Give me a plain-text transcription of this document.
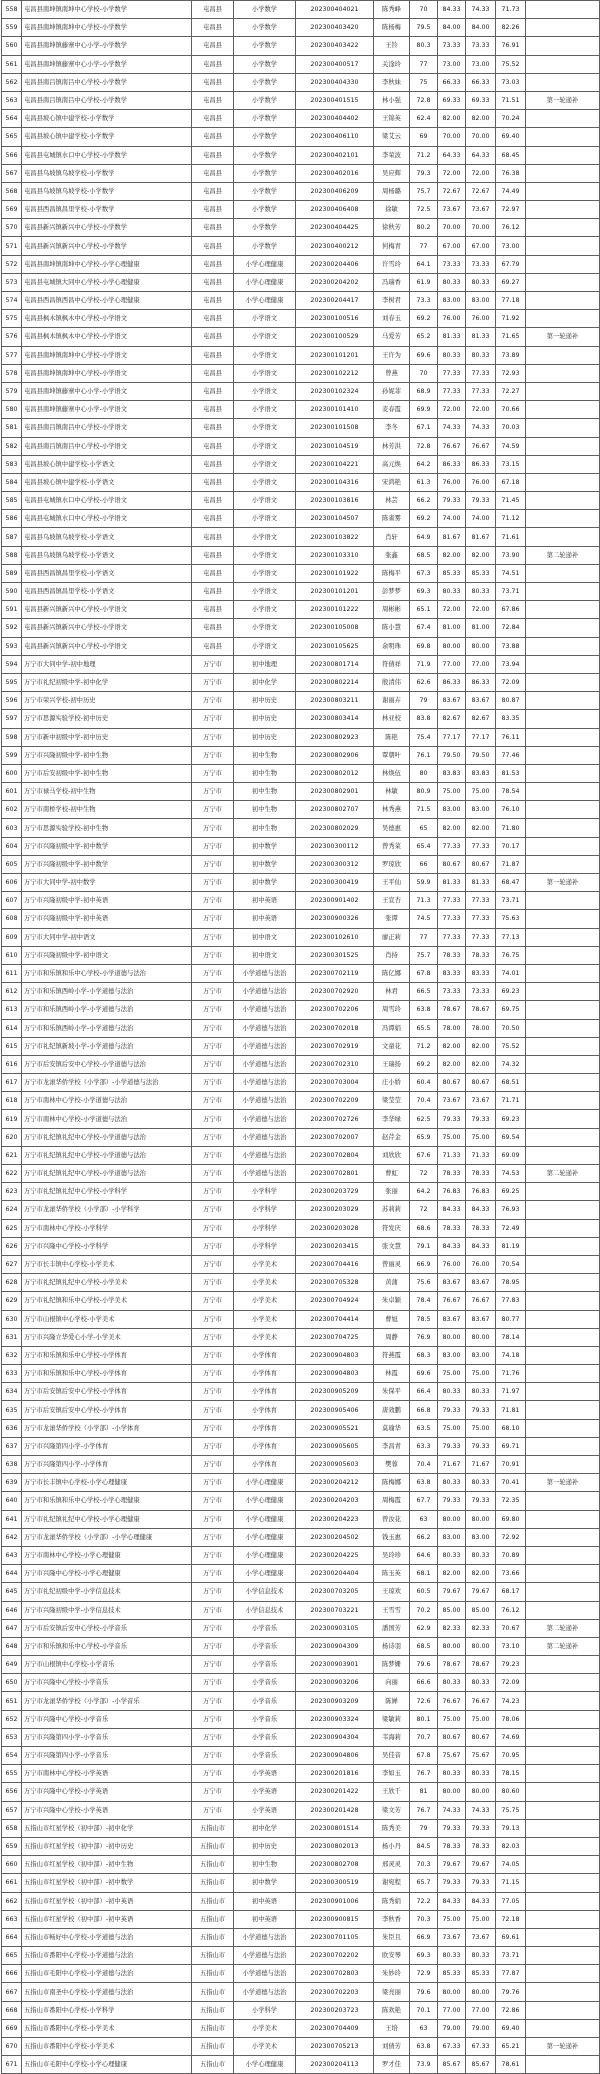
558	屯昌县南坤镇南坤中心学校-小学数学	屯昌县	小学数学	202300404021	陈秀峰	70	84.33	74.33	71.73	
559	屯昌县南坤镇南坤中心学校-小学数学	屯昌县	小学数学	202300403420	陈杨梅	79.5	84.00	84.00	82.26	
560	屯昌县南坤镇藤寨中心小学-小学数学	屯昌县	小学数学	202300403422	王铃	80.3	73.33	73.33	76.91	
561	屯昌县南坤镇藤寨中心小学-小学数学	屯昌县	小学数学	202300400517	关淦玲	77	73.00	73.00	75.52	
562	屯昌县南吕镇南吕中心学校-小学数学	屯昌县	小学数学	202300404330	李秋妹	75	66.33	66.33	73.03	
563	屯昌县南吕镇南吕中心学校-小学数学	屯昌县	小学数学	202300401515	林小强	72.8	69.33	69.33	71.51	第一轮递补
564	屯昌县坡心镇中建学校-小学数学	屯昌县	小学数学	202300404402	王锦英	62.4	82.00	82.00	70.24	
565	屯昌县坡心镇中建学校-小学数学	屯昌县	小学数学	202300406110	梁艾云	69	70.00	70.00	69.40	
566	屯昌县屯城镇水口中心学校-小学数学	屯昌县	小学数学	202300402101	李荣波	71.2	64.33	64.33	68.45	
567	屯昌县乌坡镇乌坡学校-小学数学	屯昌县	小学数学	202300402016	吴应辉	79.3	72.00	72.00	76.38	
568	屯昌县乌坡镇乌坡学校-小学数学	屯昌县	小学数学	202300406209	周杨璐	75.7	72.67	72.67	74.49	
569	屯昌县西昌镇昌里学校-小学数学	屯昌县	小学数学	202300406408	徐敏	72.5	73.67	73.67	72.97	
570	屯昌县新兴镇新兴中心学校-小学数学	屯昌县	小学数学	202300404425	徐秋芳	80.2	70.00	70.00	76.12	
571	屯昌县新兴镇新兴中心学校-小学数学	屯昌县	小学数学	202300400212	何梅青	77	67.00	67.00	73.00	
572	屯昌县南坤镇南坤中心学校-小学心理健康	屯昌县	小学心理健康	202300204406	许雪玲	64.1	73.33	73.33	67.79	
573	屯昌县屯城镇大同中心学校-小学心理健康	屯昌县	小学心理健康	202300204202	冯瑞香	61.9	80.33	80.33	69.27	
574	屯昌县西昌镇西昌中心学校-小学心理健康	屯昌县	小学心理健康	202300204417	李树君	73.3	83.00	83.00	77.18	
575	屯昌县枫木镇枫木中心学校-小学语文	屯昌县	小学语文	202300100516	刘春玉	69.2	76.00	76.00	71.92	
576	屯昌县枫木镇枫木中心学校-小学语文	屯昌县	小学语文	202300100529	马爱芳	65.2	81.33	81.33	71.65	第一轮递补
577	屯昌县南坤镇南坤中心学校-小学语文	屯昌县	小学语文	202300101201	王许为	69.6	80.33	80.33	73.89	
578	屯昌县南坤镇南坤中心学校-小学语文	屯昌县	小学语文	202300102212	曾燕	70	77.33	77.33	72.93	
579	屯昌县南坤镇藤寨中心小学-小学语文	屯昌县	小学语文	202300102324	孙妮菲	68.9	77.33	77.33	72.27	
580	屯昌县南坤镇藤寨中心小学-小学语文	屯昌县	小学语文	202300101410	麦春霞	69.9	72.00	72.00	70.66	
581	屯昌县南吕镇南吕中心学校-小学语文	屯昌县	小学语文	202300101508	李冬	67.1	74.33	74.33	70.03	
582	屯昌县南吕镇南吕中心学校-小学语文	屯昌县	小学语文	202300104519	林芳洪	72.8	76.67	76.67	74.59	
583	屯昌县坡心镇中建学校-小学语文	屯昌县	小学语文	202300104221	高元焕	64.2	86.33	86.33	73.15	
584	屯昌县坡心镇中建学校-小学语文	屯昌县	小学语文	202300104316	宋鸿艳	61.3	76.00	76.00	67.18	
585	屯昌县屯城镇水口中心学校-小学语文	屯昌县	小学语文	202300103816	林芸	66.2	79.33	79.33	71.45	
586	屯昌县屯城镇水口中心学校-小学语文	屯昌县	小学语文	202300104507	陈雀雾	69.2	74.00	74.00	71.12	
587	屯昌县乌坡镇乌坡学校-小学语文	屯昌县	小学语文	202300103822	肖轩	64.9	81.67	81.67	71.61	
588	屯昌县乌坡镇乌坡学校-小学语文	屯昌县	小学语文	202300103310	张鑫	68.5	82.00	82.00	73.90	第二轮递补
589	屯昌县西昌镇昌里学校-小学语文	屯昌县	小学语文	202300101922	陈梅平	67.3	85.33	85.33	74.51	
590	屯昌县西昌镇昌里学校-小学语文	屯昌县	小学语文	202300101201	彭梦梦	69.3	80.33	80.33	73.71	
591	屯昌县新兴镇新兴中心学校-小学语文	屯昌县	小学语文	202300101222	周彬彬	65.1	72.00	72.00	67.86	
592	屯昌县新兴镇新兴中心学校-小学语文	屯昌县	小学语文	202300105008	陈小慧	67.4	81.00	81.00	72.84	
593	屯昌县新兴镇新兴中心学校-小学语文	屯昌县	小学语文	202300105625	余明珠	69.8	80.00	80.00	73.88	
594	万宁市大同中学-初中地理	万宁市	初中地理	202300801714	符倩祥	71.9	77.00	77.00	73.94	
595	万宁市礼纪初级中学-初中化学	万宁市	初中化学	202300802214	殷清伟	62.6	86.33	86.33	72.09	
596	万宁市荣兴学校-初中历史	万宁市	初中历史	202300803211	谢丽卉	79	83.67	83.67	80.87	
597	万宁市思源实验学校-初中历史	万宁市	初中历史	202300803414	林亚校	83.8	82.67	82.67	83.35	
598	万宁市新中初级中学-初中历史	万宁市	初中历史	202300802923	陈艳	75.4	77.17	77.17	76.11	
599	万宁市兴隆初级中学-初中生物	万宁市	初中生物	202300802906	覃朝叶	76.1	79.50	79.50	77.46	
600	万宁市后安初级中学-初中生物	万宁市	初中生物	202300802012	林焕伍	80	83.83	83.83	81.53	
601	万宁市禄马学校-初中生物	万宁市	初中生物	202300802901	林敏	80.9	75.00	75.00	78.54	
602	万宁市南桥学校-初中生物	万宁市	初中生物	202300802707	林秀燕	71.5	83.00	83.00	76.10	
603	万宁市思源实验学校-初中生物	万宁市	初中生物	202300802029	吴德惠	65	82.00	82.00	71.80	
604	万宁市兴隆初级中学-初中数学	万宁市	初中数学	202300300112	曾秀菜	65.4	77.33	77.33	70.17	
605	万宁市兴隆初级中学-初中数学	万宁市	初中数学	202300300312	罗琼欣	66	80.67	80.67	71.87	
606	万宁市大同中学-初中数学	万宁市	初中数学	202300300419	王平仙	59.9	81.33	81.33	68.47	第一轮递补
607	万宁市兴隆初级中学-初中英语	万宁市	初中英语	202300901402	王宣杏	71.3	77.33	77.33	73.71	
608	万宁市兴隆初级中学-初中英语	万宁市	初中英语	202300900326	张谭	74.5	77.33	77.33	75.63	
609	万宁市大同中学-初中语文	万宁市	初中语文	202300102610	廖正莉	77	77.33	77.33	77.13	
610	万宁市兴隆初级中学-初中语文	万宁市	初中语文	202300301525	肖持	75.7	78.33	78.33	76.75	
611	万宁市和乐镇和乐中心学校-小学道德与法治	万宁市	小学道德与法治	202300702119	陈亿娜	67.8	83.33	83.33	74.01	
612	万宁市和乐镇西岭小学-小学道德与法治	万宁市	小学道德与法治	202300702920	林君	66.5	73.33	73.33	69.23	
613	万宁市和乐镇西岭小学-小学道德与法治	万宁市	小学道德与法治	202300702206	周雪玲	63.8	78.67	78.67	69.75	
614	万宁市和乐镇西岭小学-小学道德与法治	万宁市	小学道德与法治	202300702018	冯谭娟	65.5	78.00	78.00	70.50	
615	万宁市礼纪镇新坡小学-小学道德与法治	万宁市	小学道德与法治	202300702919	文童花	71.2	82.00	82.00	75.52	
616	万宁市后安镇后安中心学校-小学道德与法治	万宁市	小学道德与法治	202300702310	王瑞扬	69.2	82.00	82.00	74.32	
617	万宁市龙滚华侨学校（小学部）-小学道德与法治	万宁市	小学道德与法治	202300703004	庄小娇	60.4	80.67	80.67	68.51	
618	万宁市南林中心学校-小学道德与法治	万宁市	小学道德与法治	202300702209	梁莹莹	70.4	73.67	73.67	71.71	
619	万宁市南林中心学校-小学道德与法治	万宁市	小学道德与法治	202300702726	李华绿	62.5	79.33	79.33	69.23	
620	万宁市礼纪镇礼纪中心学校-小学道德与法治	万宁市	小学道德与法治	202300702007	赵芹金	65.9	75.00	75.00	69.54	
621	万宁市礼纪镇礼纪中心学校-小学道德与法治	万宁市	小学道德与法治	202300702804	刘欣欣	67.6	71.33	71.33	69.09	
622	万宁市礼纪镇礼纪中心学校-小学道德与法治	万宁市	小学道德与法治	202300702801	曹虹	72	78.33	78.33	74.53	第二轮递补
623	万宁市礼纪镇礼纪中心学校-小学科学	万宁市	小学科学	202300203729	张丽	64.2	76.83	76.83	69.25	
624	万宁市龙滚华侨学校（小学部）-小学科学	万宁市	小学科学	202300203029	苏莉莉	72	84.33	84.33	76.93	
625	万宁市南林中心学校-小学科学	万宁市	小学科学	202300203028	符发庆	68.6	78.33	78.33	72.49	
626	万宁市兴隆中心学校-小学科学	万宁市	小学科学	202300203415	张文慧	79.1	84.33	84.33	81.19	
627	万宁市长丰镇中心学校-小学美术	万宁市	小学美术	202300704416	曾丽灵	66.9	76.00	76.00	70.54	
628	万宁市礼纪镇礼纪中心学校-小学美术	万宁市	小学美术	202300705328	黄蒲	75.6	83.67	83.67	78.95	
629	万宁市礼纪镇和乐中心学校-小学美术	万宁市	小学美术	202300704924	朱卓颖	78.4	76.67	76.67	77.83	
630	万宁市山根镇中心学校-小学美术	万宁市	小学美术	202300704414	曹旭	78.5	83.67	83.67	80.77	
631	万宁市兴隆立华爱心小学-小学美术	万宁市	小学美术	202300704725	周静	76.9	80.00	80.00	78.14	
632	万宁市和乐镇和乐中心学校-小学体育	万宁市	小学体育	202300904803	符燕霞	68.3	83.00	83.00	74.18	
633	万宁市和乐镇和乐中心学校-小学体育	万宁市	小学体育	202300904803	林霞	69.6	75.00	75.00	71.76	
634	万宁市后安镇后安中心学校-小学体育	万宁市	小学体育	202300905209	朱保平	66.4	80.33	80.33	71.97	
635	万宁市后安镇后安中心学校-小学体育	万宁市	小学体育	202300905406	唐效鹏	66.8	79.33	79.33	71.81	
636	万宁市龙滚华侨学校（小学部）-小学体育	万宁市	小学体育	202300905521	莫瑜华	63.5	75.00	75.00	68.10	
637	万宁市兴隆第四小学-小学体育	万宁市	小学体育	202300905605	李昌青	63.3	79.33	79.33	69.71	
638	万宁市兴隆第四小学-小学体育	万宁市	小学体育	202300905603	樊蓉	70.4	71.67	71.67	70.91	
639	万宁市长丰镇中心学校-小学心理健康	万宁市	小学心理健康	202300204212	陈梅娜	63.8	80.33	80.33	70.41	第一轮递补
640	万宁市和乐镇和乐中心学校-小学心理健康	万宁市	小学心理健康	202300204203	周梅霞	67.7	79.33	79.33	72.35	
641	万宁市礼纪镇礼纪中心学校-小学心理健康	万宁市	小学心理健康	202300204223	曾汝花	63	80.00	80.00	69.80	
642	万宁市龙滚华侨学校（小学部）-小学心理健康	万宁市	小学心理健康	202300204502	钱玉惠	66.2	83.00	83.00	72.92	
643	万宁市南林中心学校-小学心理健康	万宁市	小学心理健康	202300204225	吴玲珍	64.6	80.33	80.33	70.89	
644	万宁市兴隆中心学校-小学心理健康	万宁市	小学心理健康	202300204404	陈玉英	68.1	82.00	82.00	73.66	
645	万宁市礼纪初级中学-小学信息技术	万宁市	小学信息技术	202300703205	王琼欢	60.5	79.67	79.67	68.17	
646	万宁市兴隆初级中学-小学信息技术	万宁市	小学信息技术	202300703221	王雪雪	70.2	85.00	85.00	76.12	
647	万宁市后安镇后安中心学校-小学音乐	万宁市	小学音乐	202300903105	潘国芳	62.9	82.33	82.33	70.67	第二轮递补
648	万宁市和乐镇和乐中心学校-小学音乐	万宁市	小学音乐	202300904309	杨诗羽	68.5	80.00	80.00	73.10	第二轮递补
649	万宁市山根镇中心学校-小学音乐	万宁市	小学音乐	202300903901	陈梦姗	79.6	78.67	78.67	79.23	
650	万宁市兴隆中心学校-小学音乐	万宁市	小学音乐	202300903206	向丽	66.6	80.33	80.33	72.09	
651	万宁市龙滚华侨学校（小学部）-小学音乐	万宁市	小学音乐	202300903209	陈婵	72.6	76.67	76.67	74.23	
652	万宁市兴隆中心学校-小学音乐	万宁市	小学音乐	202300903324	梁敏莉	80.1	75.00	75.00	78.06	
653	万宁市兴隆第四小学-小学音乐	万宁市	小学音乐	202300904304	韦海莉	70.7	80.67	80.67	74.69	
654	万宁市兴隆第四小学-小学音乐	万宁市	小学音乐	202300904806	吴佳音	67.8	75.67	75.67	70.95	
655	万宁市南林中心学校-小学英语	万宁市	小学英语	202300201816	李如玉	76.7	80.33	80.33	78.15	
656	万宁市兴隆中心学校-小学英语	万宁市	小学英语	202300201422	王欣千	81	80.00	80.00	80.60	
657	万宁市兴隆中心学校-小学英语	万宁市	小学英语	202300201428	梁文芳	76.7	74.33	74.33	75.75	
658	五指山市红星学校（初中部）-初中化学	五指山市	初中化学	202300801514	陈秀美	79	79.33	79.33	79.13	
659	五指山市红星学校（初中部）-初中历史	五指山市	初中历史	202300802013	杨小丹	84.5	78.33	78.33	82.03	
660	五指山市红星学校（初中部）-初中生物	五指山市	初中生物	202300802708	邢灵灵	70.3	79.67	79.67	74.05	
661	五指山市红星学校（初中部）-初中数学	五指山市	初中数学	202300300519	谢宛程	65.7	79.33	79.33	71.15	
662	五指山市红星学校（初中部）-初中英语	五指山市	初中英语	202300901006	陈秀娟	72.2	84.33	84.33	77.05	
663	五指山市红星学校（初中部）-初中英语	五指山市	初中英语	202300900815	李秋香	70.3	75.00	75.00	72.18	
664	五指山市畅好中心学校-小学道德与法治	五指山市	小学道德与法治	202300701105	朱臣且	66.9	73.67	73.67	69.61	
665	五指山市番阳中心学校-小学道德与法治	五指山市	小学道德与法治	202300702202	欧安琴	69.3	80.33	80.33	73.71	
666	五指山市毛阳中心学校-小学道德与法治	五指山市	小学道德与法治	202300702803	朱妙玲	72.9	85.33	85.33	77.87	
667	五指山市南圣中心学校-小学道德与法治	五指山市	小学道德与法治	202300702203	梁亮丽	79.6	80.00	80.00	79.76	
668	五指山市番阳中心学校-小学科学	五指山市	小学科学	202300203723	陈欢艳	70.1	77.00	77.00	72.86	
669	五指山市番阳中心学校-小学美术	五指山市	小学美术	202300704409	王培	63	79.00	79.00	69.40	
670	五指山市番阳中心学校-小学美术	五指山市	小学美术	202300705213	刘倩芳	63.8	67.33	67.33	65.21	第一轮递补
671	五指山市毛阳中心学校-小学心理健康	五指山市	小学心理健康	202300204113	罗才佳	73.9	85.67	85.67	78.61	
